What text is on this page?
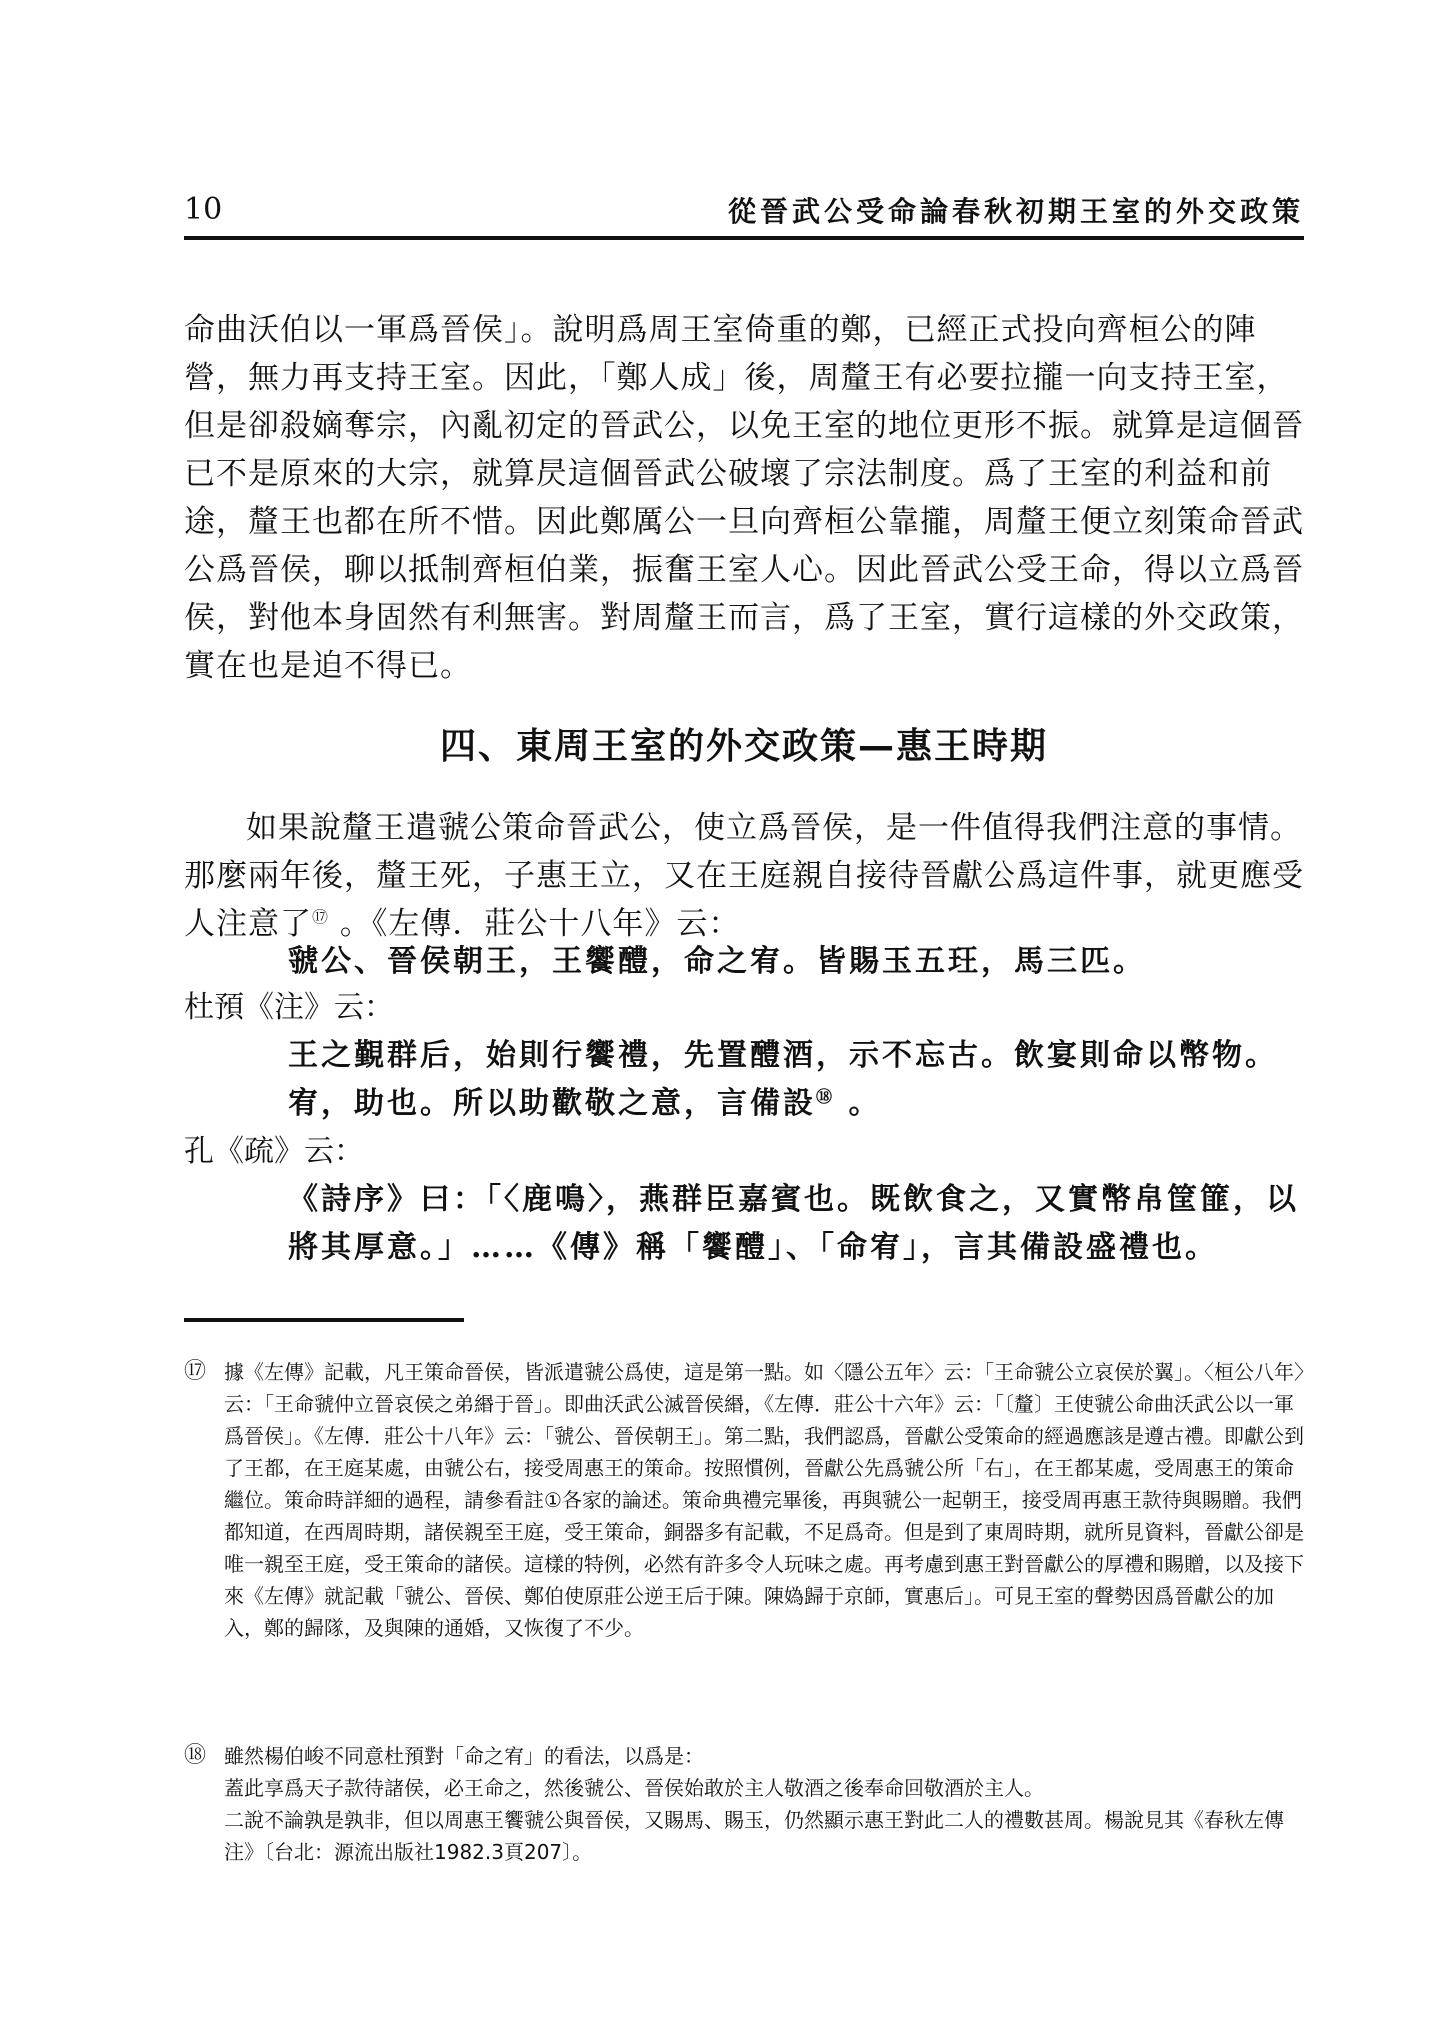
10	從晉武公受命論春秋初期王室的外交政策

命曲沃伯以一軍爲晉侯」。說明爲周王室倚重的鄭，已經正式投向齊桓公的陣營，無力再支持王室。因此，「鄭人成」後，周釐王有必要拉攏一向支持王室，但是卻殺嫡奪宗，內亂初定的晉武公，以免王室的地位更形不振。就算是這個晉已不是原來的大宗，就算昃這個晉武公破壞了宗法制度。爲了王室的利益和前途，釐王也都在所不惜。因此鄭厲公一旦向齊桓公靠攏，周釐王便立刻策命晉武公爲晉侯，聊以抵制齊桓伯業，振奮王室人心。因此晉武公受王命，得以立爲晉侯，對他本身固然有利無害。對周釐王而言，爲了王室，實行這樣的外交政策，實在也是迫不得已。

四、東周王室的外交政策—惠王時期

如果說釐王遣虢公策命晉武公，使立爲晉侯，是一件值得我們注意的事情。那麼兩年後，釐王死，子惠王立，又在王庭親自接待晉獻公爲這件事，就更應受人注意了⑰ 。《左傳．莊公十八年》云：

虢公、晉侯朝王，王饗醴，命之宥。皆賜玉五玨，馬三匹。

杜預《注》云：

王之覲群后，始則行饗禮，先置醴酒，示不忘古。飲宴則命以幣物。宥，助也。所以助歡敬之意，言備設⑱ 。

孔《疏》云：

《詩序》曰：「〈鹿鳴〉，燕群臣嘉賓也。既飲食之，又實幣帛筐篚，以將其厚意。」……《傳》稱「饗醴」、「命宥」，言其備設盛禮也。

⑰ 據《左傳》記載，凡王策命晉侯，皆派遣虢公爲使，這是第一點。如〈隱公五年〉云：「王命虢公立哀侯於翼」。〈桓公八年〉云：「王命虢仲立晉哀侯之弟緡于晉」。即曲沃武公滅晉侯緡，《左傳．莊公十六年》云：「〔釐〕王使虢公命曲沃武公以一軍爲晉侯」。《左傳．莊公十八年》云：「虢公、晉侯朝王」。第二點，我們認爲，晉獻公受策命的經過應該是遵古禮。即獻公到了王都，在王庭某處，由虢公右，接受周惠王的策命。按照慣例，晉獻公先爲虢公所「右」，在王都某處，受周惠王的策命繼位。策命時詳細的過程，請參看註①各家的論述。策命典禮完畢後，再與虢公一起朝王，接受周再惠王款待與賜贈。我們都知道，在西周時期，諸侯親至王庭，受王策命，銅器多有記載，不足爲奇。但是到了東周時期，就所見資料，晉獻公卻是唯一親至王庭，受王策命的諸侯。這樣的特例，必然有許多令人玩味之處。再考慮到惠王對晉獻公的厚禮和賜贈，以及接下來《左傳》就記載「虢公、晉侯、鄭伯使原莊公逆王后于陳。陳媯歸于京師，實惠后」。可見王室的聲勢因爲晉獻公的加入，鄭的歸隊，及與陳的通婚，又恢復了不少。
⑱ 雖然楊伯峻不同意杜預對「命之宥」的看法，以爲是：
蓋此享爲天子款待諸侯，必王命之，然後虢公、晉侯始敢於主人敬酒之後奉命回敬酒於主人。
二說不論孰是孰非，但以周惠王饗虢公與晉侯，又賜馬、賜玉，仍然顯示惠王對此二人的禮數甚周。楊說見其《春秋左傳注》〔台北：源流出版社1982.3頁207〕。
